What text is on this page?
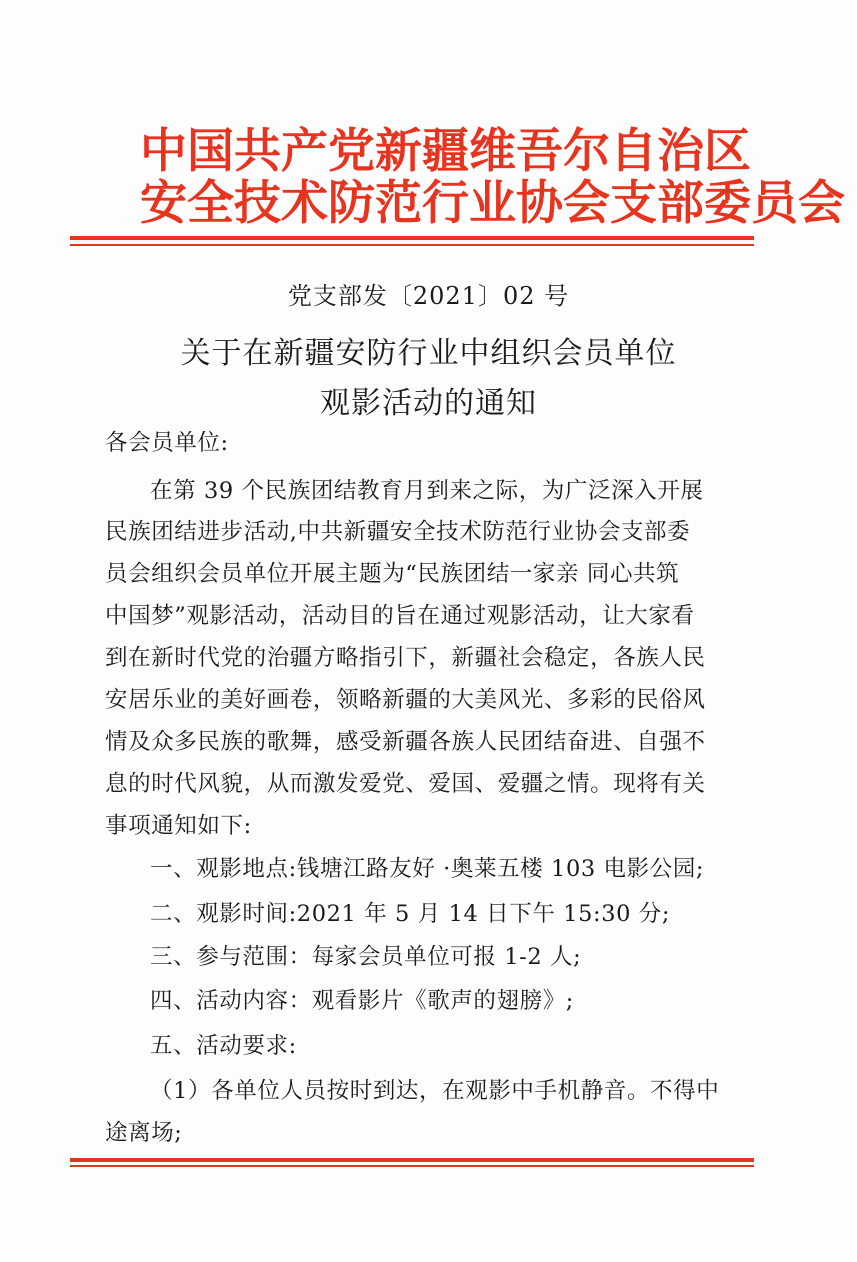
中国共产党新疆维吾尔自治区
安全技术防范行业协会支部委员会
党支部发〔2021〕02 号
关于在新疆安防行业中组织会员单位
观影活动的通知
各会员单位:
在第 39 个民族团结教育月到来之际，为广泛深入开展
民族团结进步活动,中共新疆安全技术防范行业协会支部委
员会组织会员单位开展主题为“民族团结一家亲 同心共筑
中国梦”观影活动，活动目的旨在通过观影活动，让大家看
到在新时代党的治疆方略指引下，新疆社会稳定，各族人民
安居乐业的美好画卷，领略新疆的大美风光、多彩的民俗风
情及众多民族的歌舞，感受新疆各族人民团结奋进、自强不
息的时代风貌，从而激发爱党、爱国、爱疆之情。现将有关
事项通知如下:
一、观影地点:钱塘江路友好 ·奥莱五楼 103 电影公园;
二、观影时间:2021 年 5 月 14 日下午 15:30 分;
三、参与范围：每家会员单位可报 1-2 人;
四、活动内容：观看影片《歌声的翅膀》;
五、活动要求:
（1）各单位人员按时到达，在观影中手机静音。不得中
途离场;
